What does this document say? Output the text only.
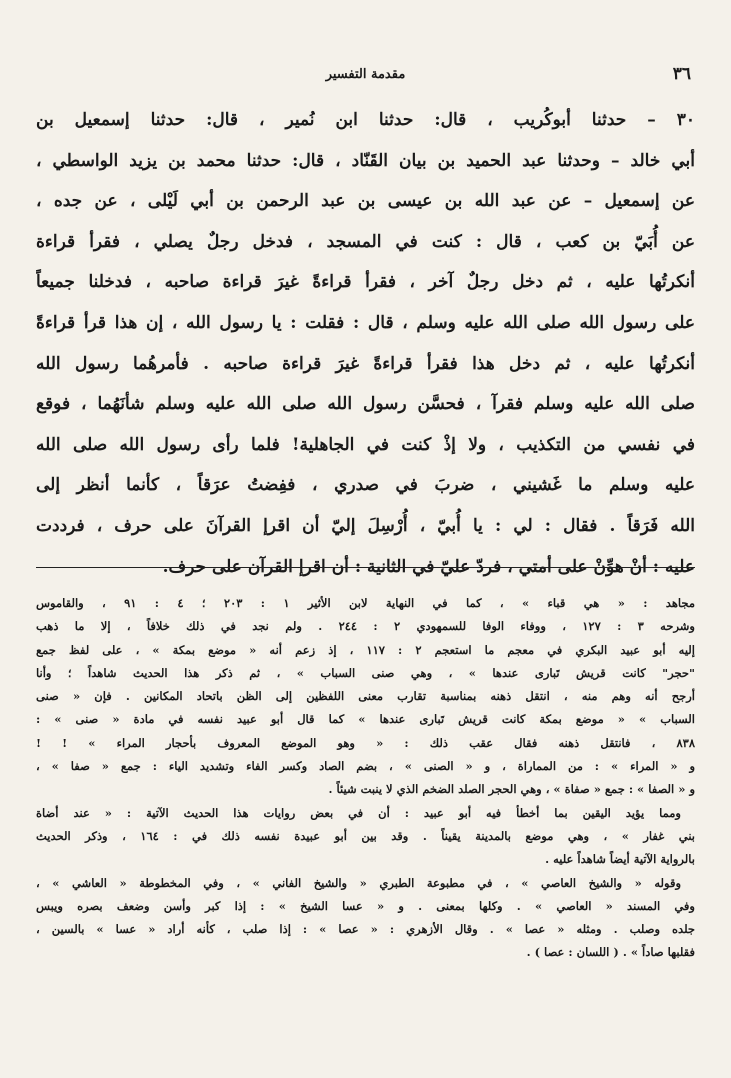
٣٦
مقدمة التفسير
٣٠ – حدثنا أبوكُريب ، قال: حدثنا ابن نُمير ، قال: حدثنا إسمعيل بن
أبي خالد – وحدثنا عبد الحميد بن بيان القَنّاد ، قال: حدثنا محمد بن يزيد الواسطي ،
عن إسمعيل – عن عبد الله بن عيسى بن عبد الرحمن بن أبي لَيْلى ، عن جده ،
عن أُبَيّ بن كعب ، قال : كنت في المسجد ، فدخل رجلٌ يصلي ، فقرأ قراءة
أنكرتُها عليه ، ثم دخل رجلٌ آخر ، فقرأ قراءةً غيرَ قراءة صاحبه ، فدخلنا جميعاً
على رسول الله صلى الله عليه وسلم ، قال : فقلت : يا رسول الله ، إن هذا قرأ قراءةً
أنكرتُها عليه ، ثم دخل هذا فقرأ قراءةً غيرَ قراءة صاحبه . فأمرهُما رسول الله
صلى الله عليه وسلم فقرآ ، فحسَّن رسول الله صلى الله عليه وسلم شأنَهُما ، فوقع
في نفسي من التكذيب ، ولا إذْ كنت في الجاهلية! فلما رأى رسول الله صلى الله
عليه وسلم ما غَشيني ، ضربَ في صدري ، ففِضتُ عرَقاً ، كأنما أنظر إلى
الله فَرَقاً . فقال : لي : يا أُبيّ ، أُرْسِلَ إليّ أن اقرإ القرآنَ على حرف ، فرددت
عليه : أنْ هوِّنْ على أمتي ، فردّ عليّ في الثانية : أن اقرإ القرآن على حرف.
مجاهد : « هي قباء » ، كما في النهاية لابن الأثير ١ : ٢٠٣ ؛ ٤ : ٩١ ، والقاموس
وشرحه ٣ : ١٢٧ ، ووفاء الوفا للسمهودي ٢ : ٢٤٤ . ولم نجد في ذلك خلافاً ، إلا ما ذهب
إليه أبو عبيد البكري في معجم ما استعجم ٢ : ١١٧ ، إذ زعم أنه « موضع بمكة » ، على لفظ جمع
"حجر" كانت قريش تَبارى عندها » ، وهي صنى السباب » ، ثم ذكر هذا الحديث شاهداً ؛ وأنا
أرجح أنه وهم منه ، انتقل ذهنه بمناسبة تقارب معنى اللفظين إلى الظن باتحاد المكانين . فإن « صنى
السباب » « موضع بمكة كانت قريش تَبارى عندها » كما قال أبو عبيد نفسه في مادة « صنى » :
٨٣٨ ، فانتقل ذهنه فقال عقب ذلك : « وهو الموضع المعروف بأحجار المراء » ! !
و « المراء » : من المماراة ، و « الصنى » ، بضم الصاد وكسر الفاء وتشديد الياء : جمع « صفا » ،
و « الصفا » : جمع « صفاة » ، وهي الحجر الصلد الضخم الذي لا ينبت شيئاً .
ومما يؤيد اليقين بما أخطأ فيه أبو عبيد : أن في بعض روايات هذا الحديث الآتية : « عند أضاة
بني غفار » ، وهي موضع بالمدينة يقيناً . وقد بين أبو عبيدة نفسه ذلك في : ١٦٤ ، وذكر الحديث
بالرواية الآتية أيضاً شاهداً عليه .
وقوله « والشيخ العاصي » ، في مطبوعة الطبري « والشيخ الفاني » ، وفي المخطوطة « العاشي » ،
وفي المسند « العاصي » . وكلها بمعنى . و « عسا الشيخ » : إذا كبر وأسن وضعف بصره ويبس
جلده وصلب . ومثله « عصا » . وقال الأزهري : « عصا » : إذا صلب ، كأنه أراد « عسا » بالسين ،
فقلبها صاداً » . ( اللسان : عصا ) .
